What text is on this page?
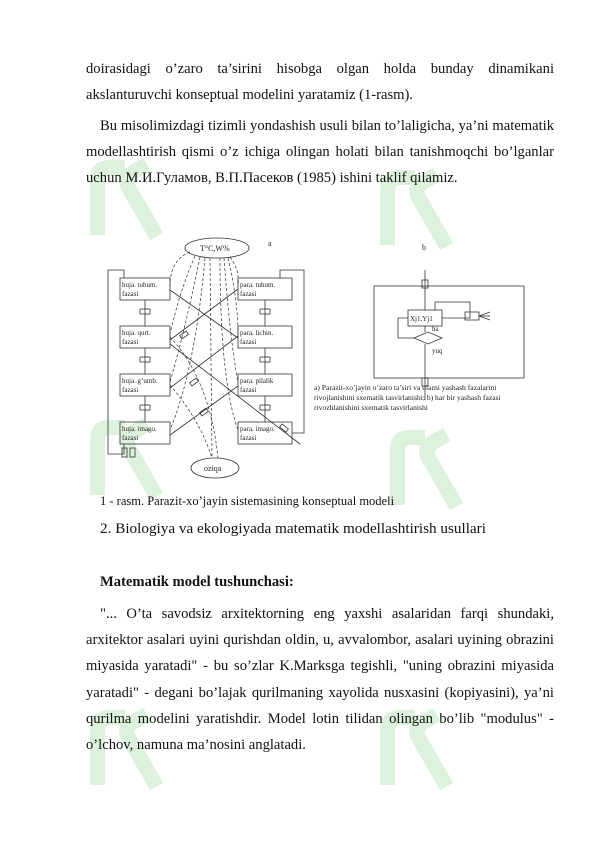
doirasidagi o’zaro ta’sirini hisobga olgan holda bunday dinamikani akslanturuvchi konseptual modelini yaratamiz (1-rasm).

Bu misolimizdagi tizimli yondashish usuli bilan to’laligicha, ya’ni matematik modellashtirish qismi o’z ichiga olingan holati bilan tanishmoqchi bo’lganlar uchun М.И.Гуламов, В.П.Пасеков (1985) ishini taklif qilamiz.

a
T°C,W%
oziqa
huja. tuhum.
fazasi
huja. qurt.
fazasi
huja. g’umb.
fazasi
huja. imago.
fazasi
para. tuhum.
fazasi
para. lichin.
fazasi
para. pilalik
fazasi
para. imago.
fazasi
b
Xj1,Yj1
ha
yuq
a) Parazit-xo’jayin o’zaro ta’siri va ularni yashash fazalarini
rivojlanishini sxematik tasvirlanishi; b) har bir yashash fazasi
rivozhlanishini sxematik tasvirlanishi

1 - rasm. Parazit-xo’jayin sistemasining konseptual modeli

2. Biologiya va ekologiyada matematik modellashtirish usullari
Matematik model tushunchasi:

"... O’ta savodsiz arxitektorning eng yaxshi asalaridan farqi shundaki, arxitektor asalari uyini qurishdan oldin, u, avvalombor, asalari uyining obrazini miyasida yaratadi" - bu so’zlar K.Marksga tegishli, "uning obrazini miyasida yaratadi" - degani bo’lajak qurilmaning xayolida nusxasini (kopiyasini), ya’ni qurilma modelini yaratishdir. Model lotin tilidan olingan bo’lib "modulus" - o’lchov, namuna ma’nosini anglatadi.
